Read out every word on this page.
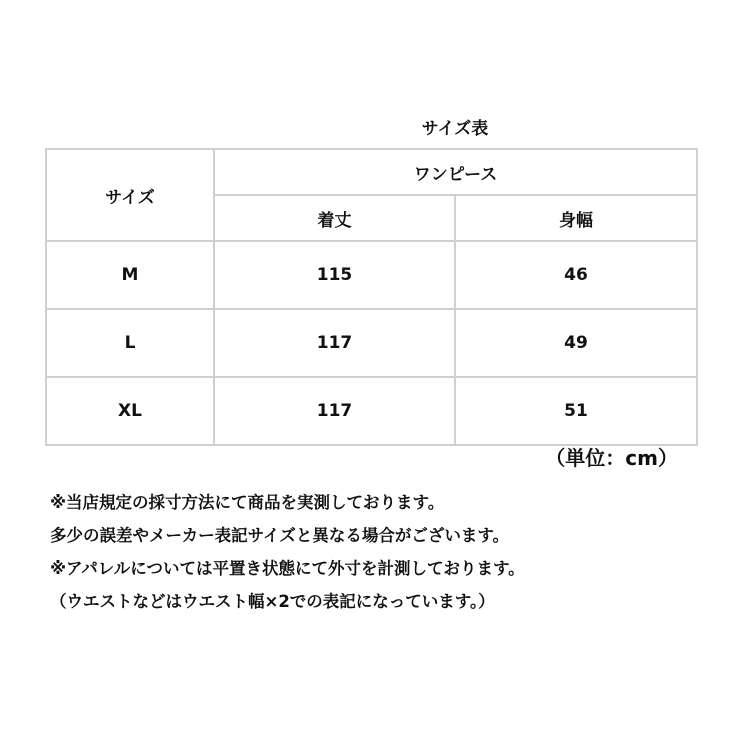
サイズ表
サイズ	ワンピース	
	着丈	身幅
M	115	46
L	117	49
XL	117	51
（単位：cm）
※当店規定の採寸方法にて商品を実測しております。
多少の誤差やメーカー表記サイズと異なる場合がございます。
※アパレルについては平置き状態にて外寸を計測しております。
（ウエストなどはウエスト幅×2での表記になっています。）
